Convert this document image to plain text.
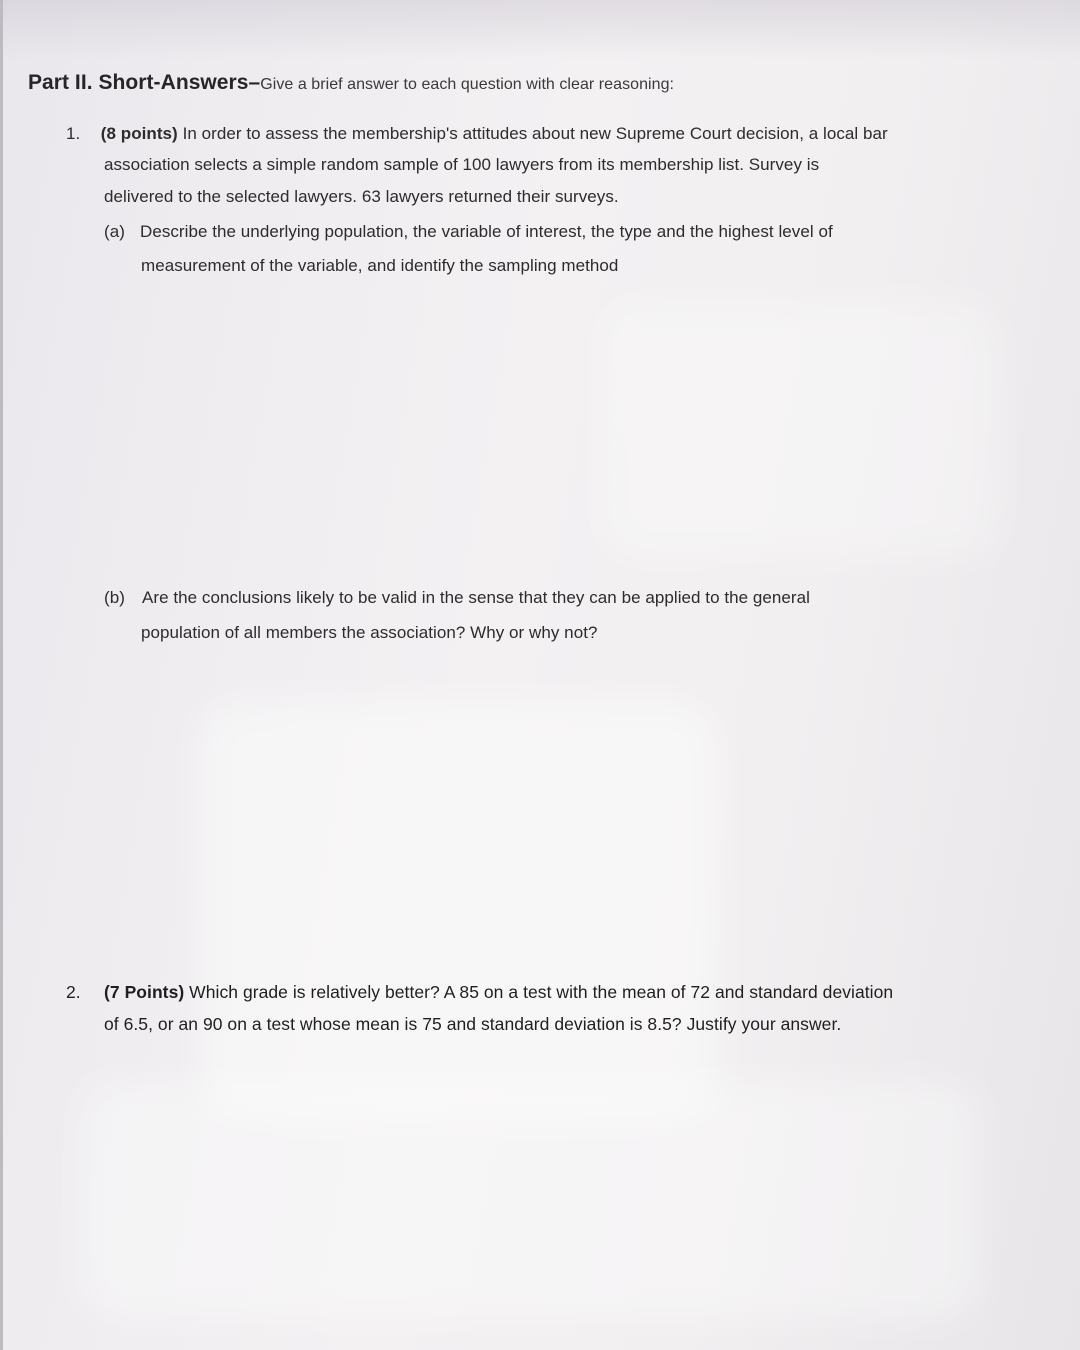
Part II. Short-Answers–Give a brief answer to each question with clear reasoning:

1. (8 points) In order to assess the membership's attitudes about new Supreme Court decision, a local bar

association selects a simple random sample of 100 lawyers from its membership list. Survey is

delivered to the selected lawyers. 63 lawyers returned their surveys.

(a) Describe the underlying population, the variable of interest, the type and the highest level of

measurement of the variable, and identify the sampling method

(b) Are the conclusions likely to be valid in the sense that they can be applied to the general

population of all members the association? Why or why not?

2. (7 Points) Which grade is relatively better? A 85 on a test with the mean of 72 and standard deviation

of 6.5, or an 90 on a test whose mean is 75 and standard deviation is 8.5? Justify your answer.
